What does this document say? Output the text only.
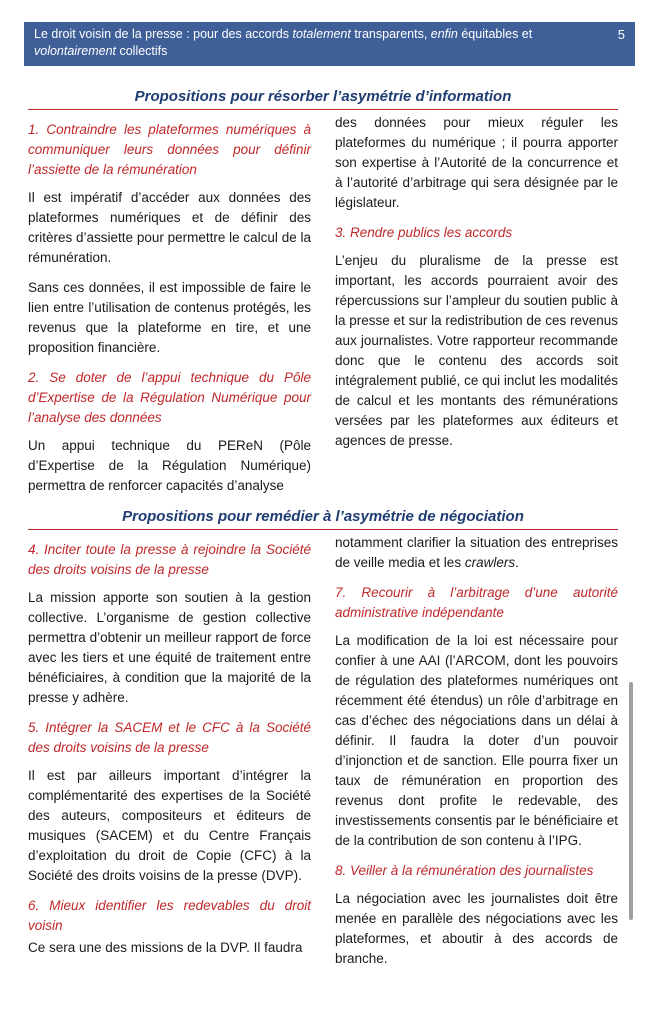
Le droit voisin de la presse : pour des accords totalement transparents, enfin équitables et volontairement collectifs
5
Propositions pour résorber l’asymétrie d’information
1. Contraindre les plateformes numériques à communiquer leurs données pour définir l’assiette de la rémunération
Il est impératif d’accéder aux données des plateformes numériques et de définir des critères d’assiette pour permettre le calcul de la rémunération.
Sans ces données, il est impossible de faire le lien entre l’utilisation de contenus protégés, les revenus que la plateforme en tire, et une proposition financière.
2. Se doter de l’appui technique du Pôle d’Expertise de la Régulation Numérique pour l’analyse des données
Un appui technique du PEReN (Pôle d’Expertise de la Régulation Numérique) permettra de renforcer capacités d’analyse
des données pour mieux réguler les plateformes du numérique ; il pourra apporter son expertise à l’Autorité de la concurrence et à l’autorité d’arbitrage qui sera désignée par le législateur.
3. Rendre publics les accords
L’enjeu du pluralisme de la presse est important, les accords pourraient avoir des répercussions sur l’ampleur du soutien public à la presse et sur la redistribution de ces revenus aux journalistes. Votre rapporteur recommande donc que le contenu des accords soit intégralement publié, ce qui inclut les modalités de calcul et les montants des rémunérations versées par les plateformes aux éditeurs et agences de presse.
Propositions pour remédier à l’asymétrie de négociation
4. Inciter toute la presse à rejoindre la Société des droits voisins de la presse
La mission apporte son soutien à la gestion collective. L’organisme de gestion collective permettra d’obtenir un meilleur rapport de force avec les tiers et une équité de traitement entre bénéficiaires, à condition que la majorité de la presse y adhère.
5. Intégrer la SACEM et le CFC à la Société des droits voisins de la presse
Il est par ailleurs important d’intégrer la complémentarité des expertises de la Société des auteurs, compositeurs et éditeurs de musiques (SACEM) et du Centre Français d’exploitation du droit de Copie (CFC) à la Société des droits voisins de la presse (DVP).
6. Mieux identifier les redevables du droit voisin
Ce sera une des missions de la DVP. Il faudra
notamment clarifier la situation des entreprises de veille media et les crawlers.
7. Recourir à l’arbitrage d’une autorité administrative indépendante
La modification de la loi est nécessaire pour confier à une AAI (l’ARCOM, dont les pouvoirs de régulation des plateformes numériques ont récemment été étendus) un rôle d’arbitrage en cas d’échec des négociations dans un délai à définir. Il faudra la doter d’un pouvoir d’injonction et de sanction. Elle pourra fixer un taux de rémunération en proportion des revenus dont profite le redevable, des investissements consentis par le bénéficiaire et de la contribution de son contenu à l’IPG.
8. Veiller à la rémunération des journalistes
La négociation avec les journalistes doit être menée en parallèle des négociations avec les plateformes, et aboutir à des accords de branche.
